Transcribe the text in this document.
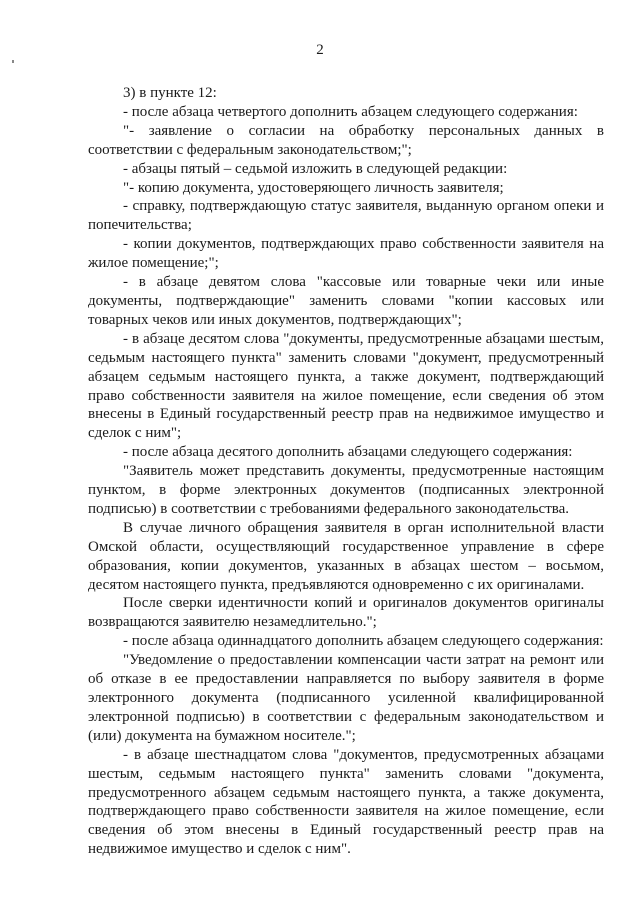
2

3) в пункте 12:

- после абзаца четвертого дополнить абзацем следующего содержания:

"- заявление о согласии на обработку персональных данных в соответствии с федеральным законодательством;";

- абзацы пятый – седьмой изложить в следующей редакции:

"- копию документа, удостоверяющего личность заявителя;

- справку, подтверждающую статус заявителя, выданную органом опеки и попечительства;

- копии документов, подтверждающих право собственности заявителя на жилое помещение;";

- в абзаце девятом слова "кассовые или товарные чеки или иные документы, подтверждающие" заменить словами "копии кассовых или товарных чеков или иных документов, подтверждающих";

- в абзаце десятом слова "документы, предусмотренные абзацами шестым, седьмым настоящего пункта" заменить словами "документ, предусмотренный абзацем седьмым настоящего пункта, а также документ, подтверждающий право собственности заявителя на жилое помещение, если сведения об этом внесены в Единый государственный реестр прав на недвижимое имущество и сделок с ним";

- после абзаца десятого дополнить абзацами следующего содержания:

"Заявитель может представить документы, предусмотренные настоящим пунктом, в форме электронных документов (подписанных электронной подписью) в соответствии с требованиями федерального законодательства.

В случае личного обращения заявителя в орган исполнительной власти Омской области, осуществляющий государственное управление в сфере образования, копии документов, указанных в абзацах шестом – восьмом, десятом настоящего пункта, предъявляются одновременно с их оригиналами.

После сверки идентичности копий и оригиналов документов оригиналы возвращаются заявителю незамедлительно.";

- после абзаца одиннадцатого дополнить абзацем следующего содержания:

"Уведомление о предоставлении компенсации части затрат на ремонт или об отказе в ее предоставлении направляется по выбору заявителя в форме электронного документа (подписанного усиленной квалифицированной электронной подписью) в соответствии с федеральным законодательством и (или) документа на бумажном носителе.";

- в абзаце шестнадцатом слова "документов, предусмотренных абзацами шестым, седьмым настоящего пункта" заменить словами "документа, предусмотренного абзацем седьмым настоящего пункта, а также документа, подтверждающего право собственности заявителя на жилое помещение, если сведения об этом внесены в Единый государственный реестр прав на недвижимое имущество и сделок с ним".
